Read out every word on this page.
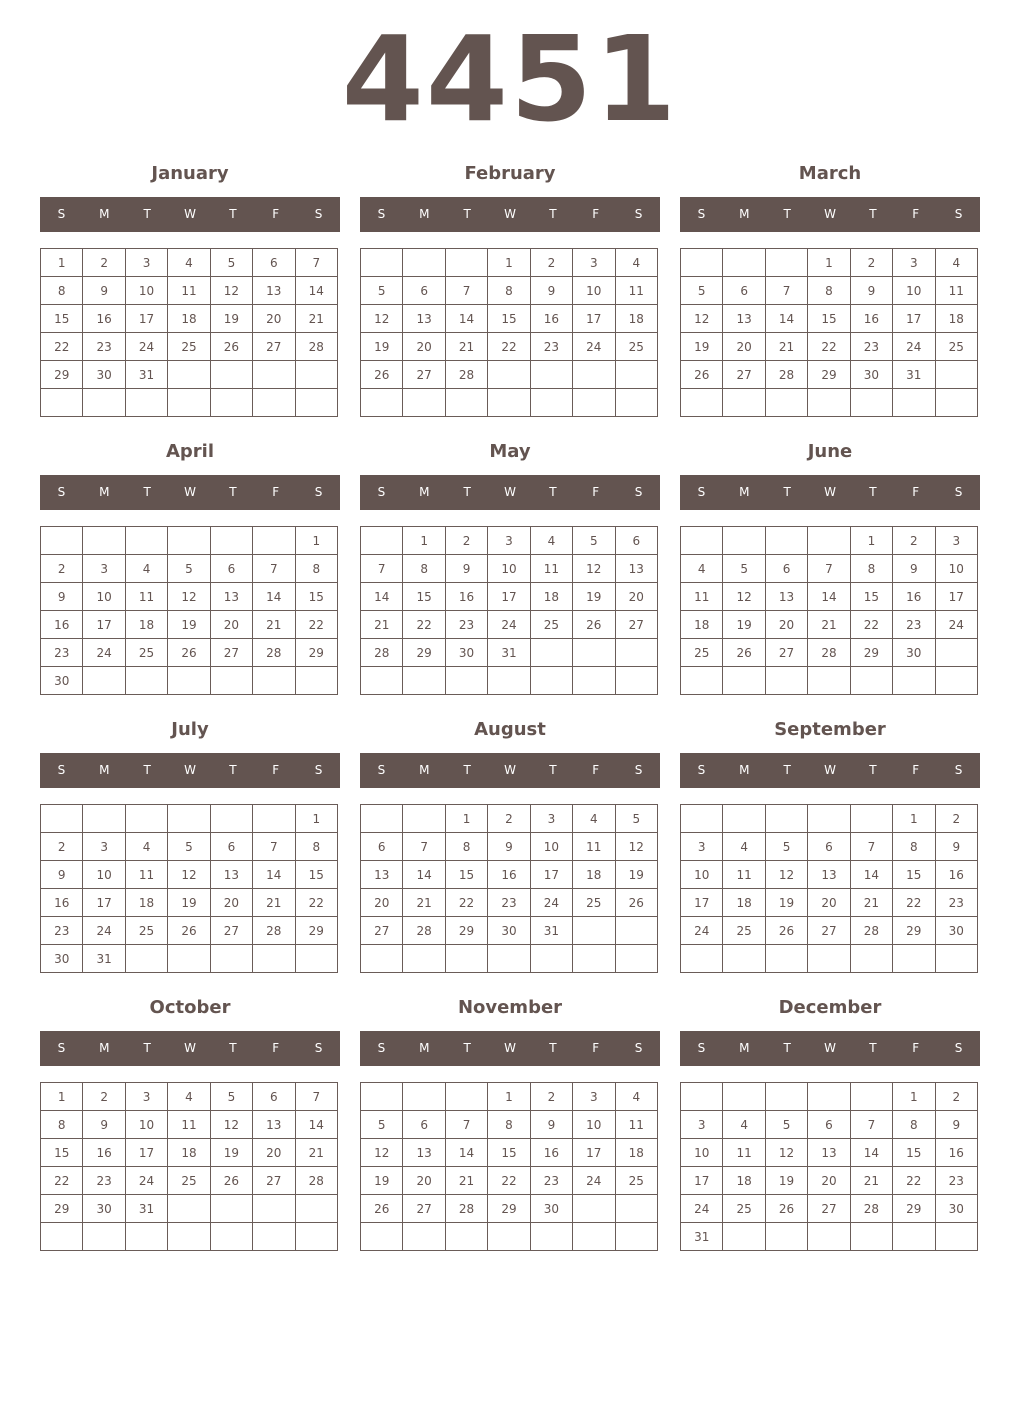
4451
January
S	M	T	W	T	F	S
1	2	3	4	5	6	7
8	9	10	11	12	13	14
15	16	17	18	19	20	21
22	23	24	25	26	27	28
29	30	31				

February
S	M	T	W	T	F	S
			1	2	3	4
5	6	7	8	9	10	11
12	13	14	15	16	17	18
19	20	21	22	23	24	25
26	27	28				

March
S	M	T	W	T	F	S
			1	2	3	4
5	6	7	8	9	10	11
12	13	14	15	16	17	18
19	20	21	22	23	24	25
26	27	28	29	30	31	

April
S	M	T	W	T	F	S
						1
2	3	4	5	6	7	8
9	10	11	12	13	14	15
16	17	18	19	20	21	22
23	24	25	26	27	28	29
30						
May
S	M	T	W	T	F	S
	1	2	3	4	5	6
7	8	9	10	11	12	13
14	15	16	17	18	19	20
21	22	23	24	25	26	27
28	29	30	31			

June
S	M	T	W	T	F	S
				1	2	3
4	5	6	7	8	9	10
11	12	13	14	15	16	17
18	19	20	21	22	23	24
25	26	27	28	29	30	

July
S	M	T	W	T	F	S
						1
2	3	4	5	6	7	8
9	10	11	12	13	14	15
16	17	18	19	20	21	22
23	24	25	26	27	28	29
30	31					
August
S	M	T	W	T	F	S
		1	2	3	4	5
6	7	8	9	10	11	12
13	14	15	16	17	18	19
20	21	22	23	24	25	26
27	28	29	30	31		

September
S	M	T	W	T	F	S
					1	2
3	4	5	6	7	8	9
10	11	12	13	14	15	16
17	18	19	20	21	22	23
24	25	26	27	28	29	30

October
S	M	T	W	T	F	S
1	2	3	4	5	6	7
8	9	10	11	12	13	14
15	16	17	18	19	20	21
22	23	24	25	26	27	28
29	30	31				

November
S	M	T	W	T	F	S
			1	2	3	4
5	6	7	8	9	10	11
12	13	14	15	16	17	18
19	20	21	22	23	24	25
26	27	28	29	30		

December
S	M	T	W	T	F	S
					1	2
3	4	5	6	7	8	9
10	11	12	13	14	15	16
17	18	19	20	21	22	23
24	25	26	27	28	29	30
31						
